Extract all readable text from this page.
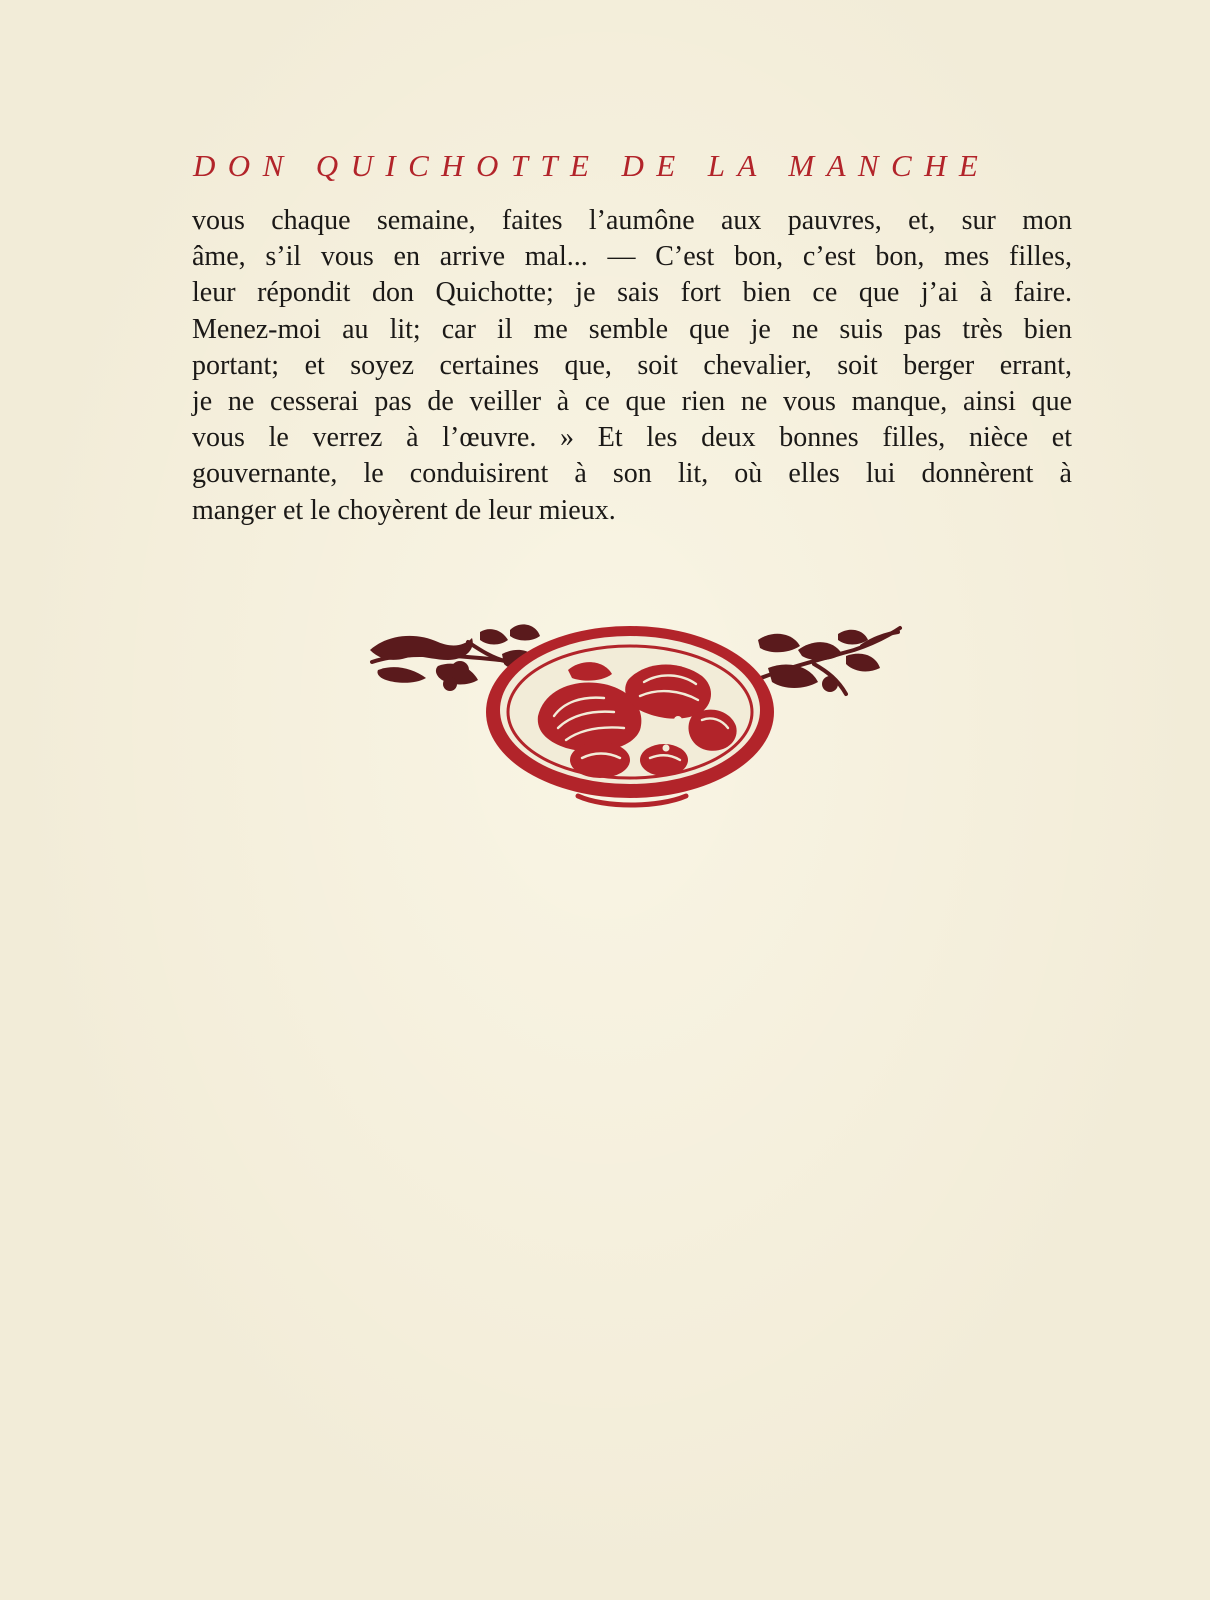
DON QUICHOTTE DE LA MANCHE
vous chaque semaine, faites l’aumône aux pauvres, et, sur mon
âme, s’il vous en arrive mal... — C’est bon, c’est bon, mes filles,
leur répondit don Quichotte; je sais fort bien ce que j’ai à faire.
Menez-moi au lit; car il me semble que je ne suis pas très bien
portant; et soyez certaines que, soit chevalier, soit berger errant,
je ne cesserai pas de veiller à ce que rien ne vous manque, ainsi que
vous le verrez à l’œuvre. » Et les deux bonnes filles, nièce et
gouvernante, le conduisirent à son lit, où elles lui donnèrent à
manger et le choyèrent de leur mieux.
